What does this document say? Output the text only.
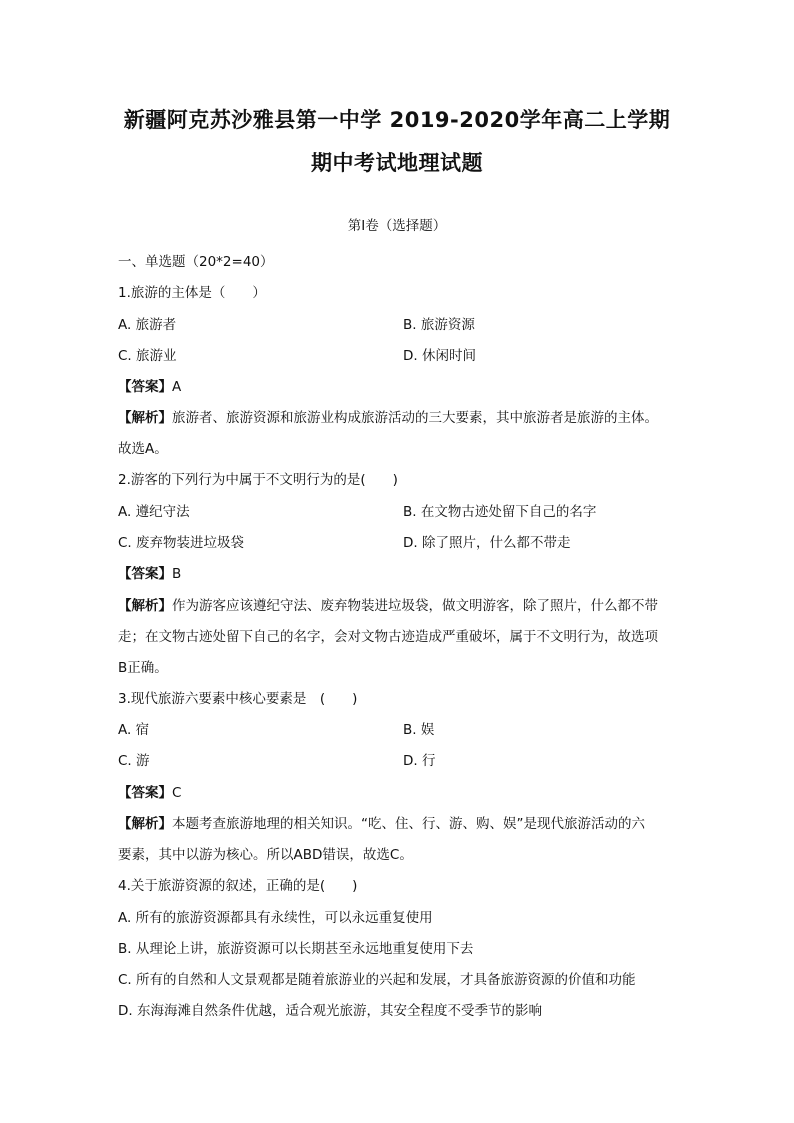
新疆阿克苏沙雅县第一中学 2019-2020学年高二上学期
期中考试地理试题
第Ⅰ卷（选择题）
一、单选题（20*2=40）
1.旅游的主体是（　　）
A. 旅游者	B. 旅游资源
C. 旅游业	D. 休闲时间
【答案】A
【解析】旅游者、旅游资源和旅游业构成旅游活动的三大要素，其中旅游者是旅游的主体。
故选A。
2.游客的下列行为中属于不文明行为的是(　　)
A. 遵纪守法	B. 在文物古迹处留下自己的名字
C. 废弃物装进垃圾袋	D. 除了照片，什么都不带走
【答案】B
【解析】作为游客应该遵纪守法、废弃物装进垃圾袋，做文明游客，除了照片，什么都不带
走；在文物古迹处留下自己的名字，会对文物古迹造成严重破坏，属于不文明行为，故选项
B正确。
3.现代旅游六要素中核心要素是　(　　)
A. 宿	B. 娱
C. 游	D. 行
【答案】C
【解析】本题考查旅游地理的相关知识。“吃、住、行、游、购、娱”是现代旅游活动的六
要素，其中以游为核心。所以ABD错误，故选C。
4.关于旅游资源的叙述，正确的是(　　)
A. 所有的旅游资源都具有永续性，可以永远重复使用
B. 从理论上讲，旅游资源可以长期甚至永远地重复使用下去
C. 所有的自然和人文景观都是随着旅游业的兴起和发展，才具备旅游资源的价值和功能
D. 东海海滩自然条件优越，适合观光旅游，其安全程度不受季节的影响
